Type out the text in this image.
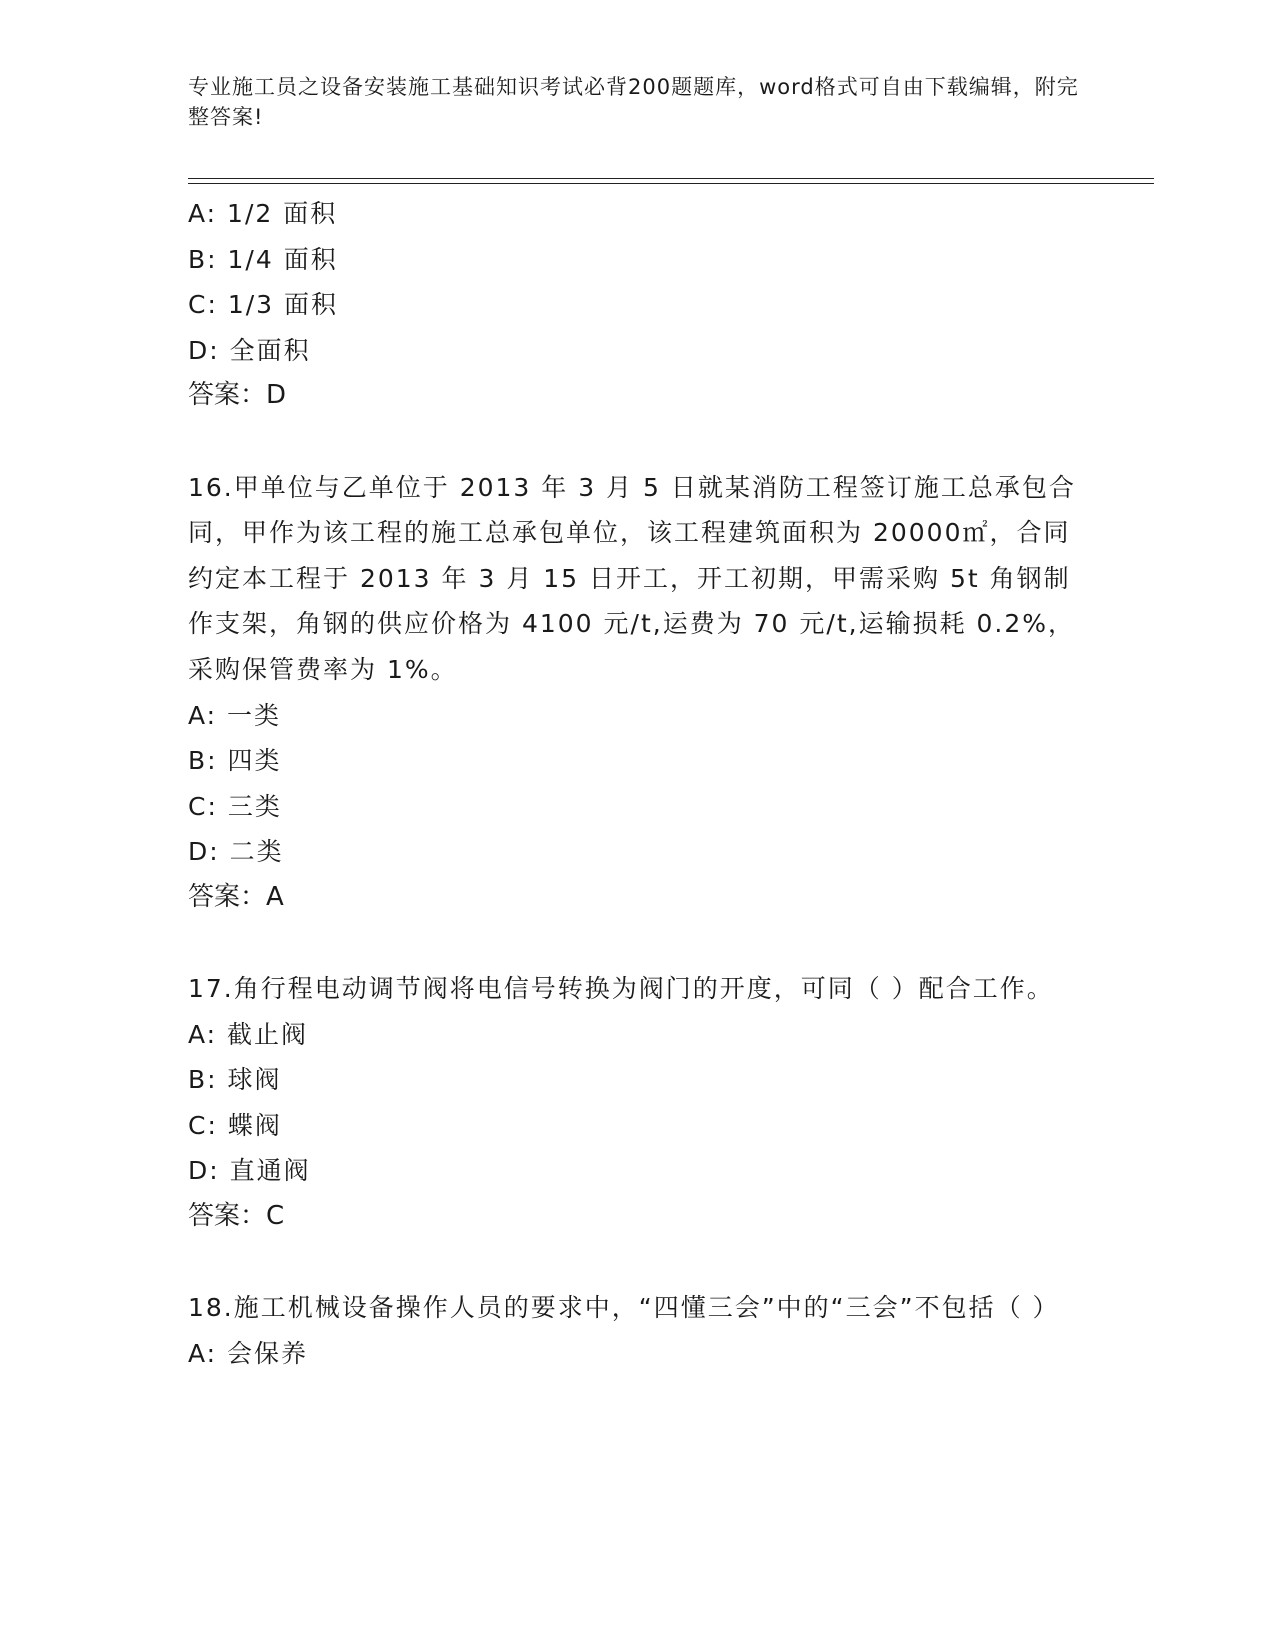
专业施工员之设备安装施工基础知识考试必背200题题库，word格式可自由下载编辑，附完整答案!
A: 1/2 面积
B: 1/4 面积
C: 1/3 面积
D: 全面积
答案：D
16.甲单位与乙单位于 2013 年 3 月 5 日就某消防工程签订施工总承包合同，甲作为该工程的施工总承包单位，该工程建筑面积为 20000㎡，合同约定本工程于 2013 年 3 月 15 日开工，开工初期，甲需采购 5t 角钢制作支架，角钢的供应价格为 4100 元/t,运费为 70 元/t,运输损耗 0.2%，采购保管费率为 1%。
A: 一类
B: 四类
C: 三类
D: 二类
答案：A
17.角行程电动调节阀将电信号转换为阀门的开度，可同（ ）配合工作。
A: 截止阀
B: 球阀
C: 蝶阀
D: 直通阀
答案：C
18.施工机械设备操作人员的要求中，“四懂三会”中的“三会”不包括（ ）
A: 会保养
